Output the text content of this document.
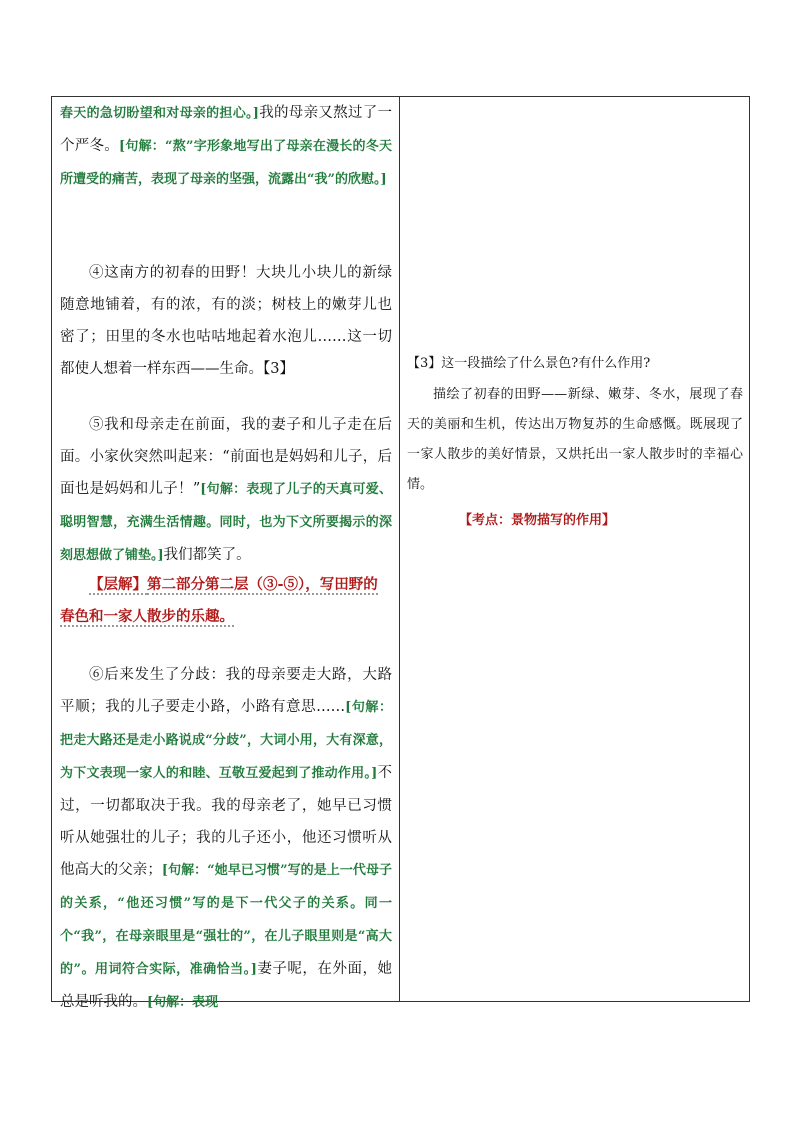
春天的急切盼望和对母亲的担心。]我的母亲又熬过了一个严冬。[句解：“熬”字形象地写出了母亲在漫长的冬天所遭受的痛苦，表现了母亲的坚强，流露出“我”的欣慰。]
④这南方的初春的田野！大块儿小块儿的新绿随意地铺着，有的浓，有的淡；树枝上的嫩芽儿也密了；田里的冬水也咕咕地起着水泡儿……这一切都使人想着一样东西——生命。【3】
⑤我和母亲走在前面，我的妻子和儿子走在后面。小家伙突然叫起来：“前面也是妈妈和儿子，后面也是妈妈和儿子！”[句解：表现了儿子的天真可爱、聪明智慧，充满生活情趣。同时，也为下文所要揭示的深刻思想做了铺垫。]我们都笑了。
【层解】第二部分第二层（③-⑤），写田野的春色和一家人散步的乐趣。
⑥后来发生了分歧：我的母亲要走大路，大路平顺；我的儿子要走小路，小路有意思……[句解：把走大路还是走小路说成“分歧”，大词小用，大有深意，为下文表现一家人的和睦、互敬互爱起到了推动作用。]不过，一切都取决于我。我的母亲老了，她早已习惯听从她强壮的儿子；我的儿子还小，他还习惯听从他高大的父亲；[句解：“她早已习惯”写的是上一代母子的关系，“他还习惯”写的是下一代父子的关系。同一个“我”，在母亲眼里是“强壮的”，在儿子眼里则是“高大的”。用词符合实际，准确恰当。]妻子呢，在外面，她总是听我的。[句解：表现
【3】这一段描绘了什么景色?有什么作用?
描绘了初春的田野——新绿、嫩芽、冬水，展现了春天的美丽和生机，传达出万物复苏的生命感慨。既展现了一家人散步的美好情景，又烘托出一家人散步时的幸福心情。
【考点：景物描写的作用】
